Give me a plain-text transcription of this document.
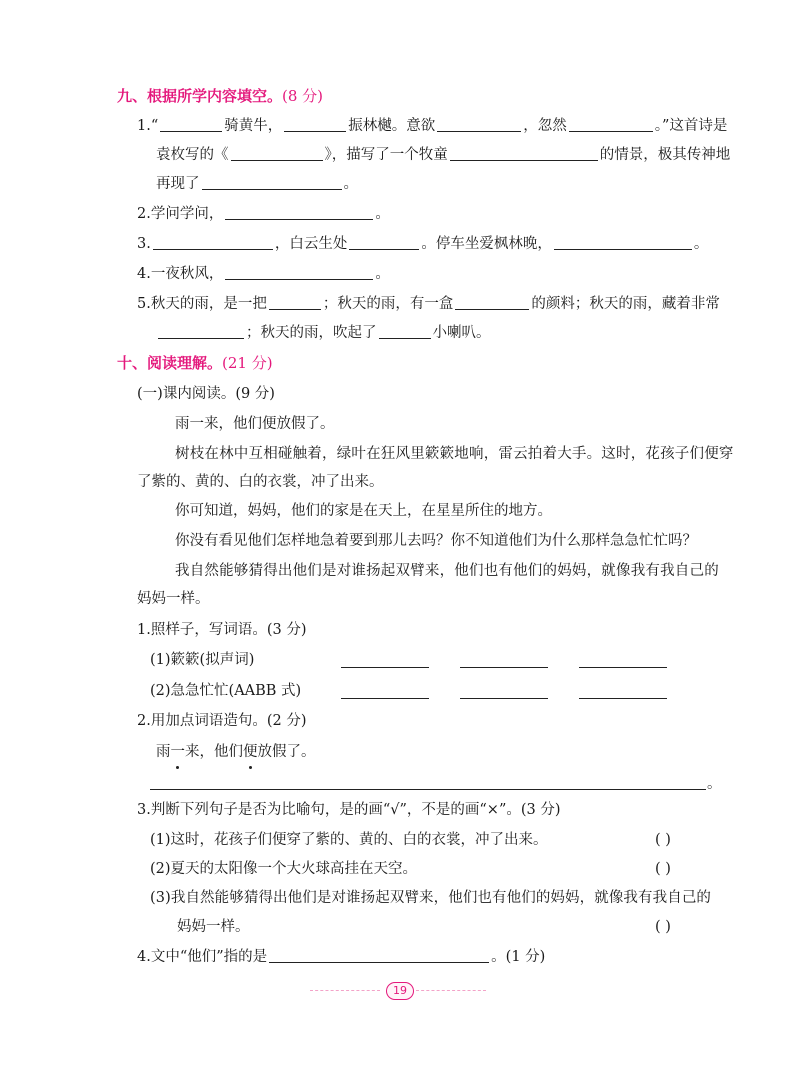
九、根据所学内容填空。(8 分)
1.“	骑黄牛，	振林樾。意欲	，忽然	。”这首诗是
袁枚写的《	》，描写了一个牧童	的情景，极其传神地
再现了	。
2.学问学问，	。
3.	，白云生处	。停车坐爱枫林晚，	。
4.一夜秋风，	。
5.秋天的雨，是一把	；秋天的雨，有一盒	的颜料；秋天的雨，藏着非常
；秋天的雨，吹起了	小喇叭。
十、阅读理解。(21 分)
(一)课内阅读。(9 分)
雨一来，他们便放假了。
树枝在林中互相碰触着，绿叶在狂风里簌簌地响，雷云拍着大手。这时，花孩子们便穿
了紫的、黄的、白的衣裳，冲了出来。
你可知道，妈妈，他们的家是在天上，在星星所住的地方。
你没有看见他们怎样地急着要到那儿去吗？你不知道他们为什么那样急急忙忙吗？
我自然能够猜得出他们是对谁扬起双臂来，他们也有他们的妈妈，就像我有我自己的
妈妈一样。
1.照样子，写词语。(3 分)
(1)簌簌(拟声词)
(2)急急忙忙(AABB 式)
2.用加点词语造句。(2 分)
雨一来，他们便放假了。
。
3.判断下列句子是否为比喻句，是的画“√”，不是的画“×”。(3 分)
(1)这时，花孩子们便穿了紫的、黄的、白的衣裳，冲了出来。	( )
(2)夏天的太阳像一个大火球高挂在天空。	( )
(3)我自然能够猜得出他们是对谁扬起双臂来，他们也有他们的妈妈，就像我有我自己的
妈妈一样。	( )
4.文中“他们”指的是	。(1 分)
19
